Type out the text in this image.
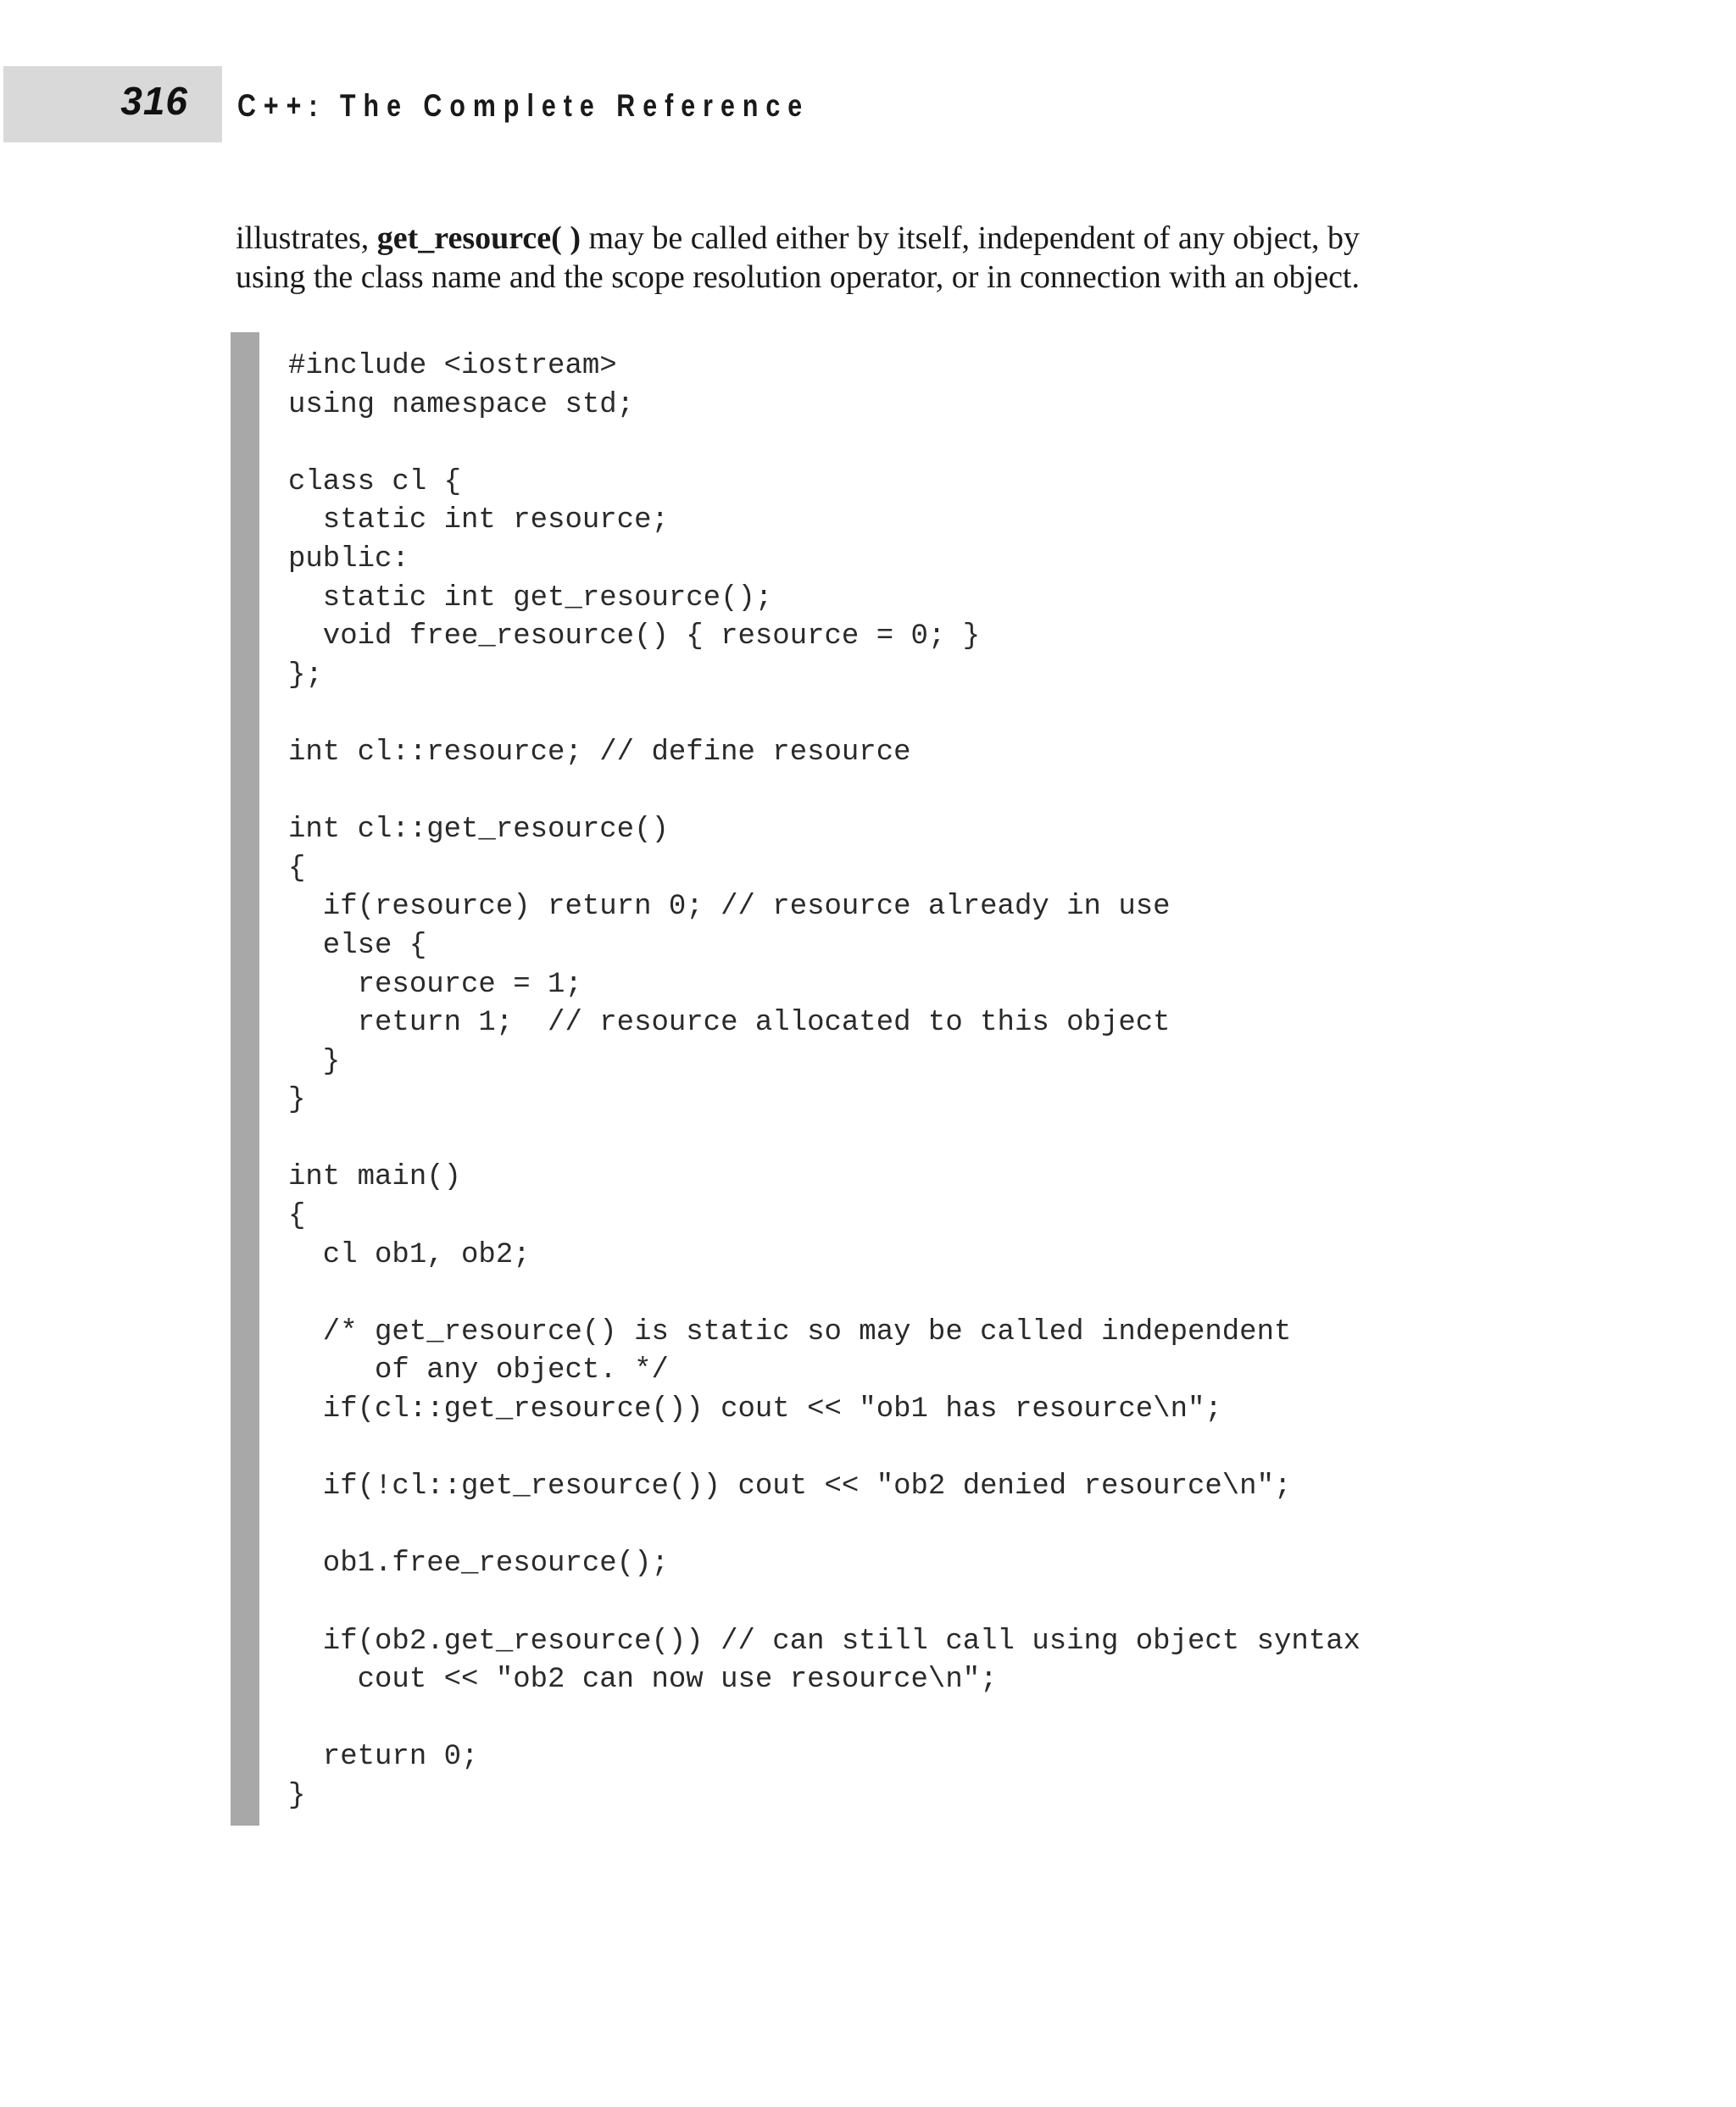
316 C++: The Complete Reference

illustrates, get_resource( ) may be called either by itself, independent of any object, by
using the class name and the scope resolution operator, or in connection with an object.

#include <iostream>
using namespace std;
class cl {
static int resource;
public:
static int get_resource();
void free_resource() { resource = 0; }
};
int cl::resource; // define resource
int cl::get_resource()
{
if(resource) return 0; // resource already in use
else {
resource = 1;
return 1;  // resource allocated to this object
}
}
int main()
{
cl ob1, ob2;
/* get_resource() is static so may be called independent
of any object. */
if(cl::get_resource()) cout << "ob1 has resource\n";
if(!cl::get_resource()) cout << "ob2 denied resource\n";
ob1.free_resource();
if(ob2.get_resource()) // can still call using object syntax
cout << "ob2 can now use resource\n";
return 0;
}
